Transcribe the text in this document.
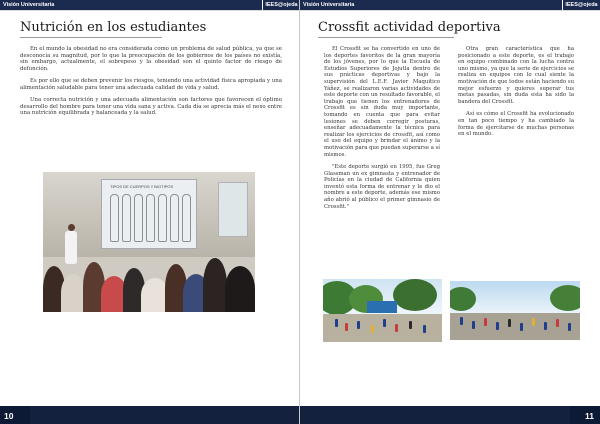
Visión Universitaria	IEES@ojeda
Nutrición en los estudiantes

En el mundo la obesidad no era considerada como un problema de salud pública, ya que se desconocía su magnitud, por lo que la preocupación de los gobiernos de los países no existía, sin embargo, actualmente, el sobrepeso y la obesidad son el quinto factor de riesgo de defunción.

Es por ello que se deben prevenir los riesgos, teniendo una actividad física apropiada y una alimentación saludable para tener una adecuada calidad de vida y salud.

Una correcta nutrición y una adecuada alimentación son factores que favorecen el óptimo desarrollo del hombre para tener una vida sana y activa. Cada día se aprecia más el nexo entre una nutrición equilibrada y balanceada y la salud.

TIPOS DE CUERPOS Y BIOTIPOS
10
Visión Universitaria	IEES@ojeda
Crossfit actividad deportiva

El Crossfit se ha convertido en uno de los deportes favoritos de la gran mayoría de los jóvenes, por lo que la Escuela de Estudios Superiores de Jojutla dentro de sus prácticas deportivas y bajo la supervisión del L.E.F. Javier Maquitico Yáñez, se realizaron varias actividades de este deporte con un resultado favorable, el trabajo que tienen los entrenadores de Crossfit es sin duda muy importante, tomando en cuenta que para evitar lesiones se deben corregir posturas, enseñar adecuadamente la técnica para realizar los ejercicios de crossfit, así como el uso del equipo y brindar el ánimo y la motivación para que puedan superarse a sí mismos.

"Este deporte surgió en 1995, fue Greg Glassman un ex gimnasta y entrenador de Policías en la ciudad de California quien inventó esta forma de entrenar y le dio el nombre a este deporte, además ese mismo año abrió al público el primer gimnasio de Crossfit."

Otra gran característica que ha posicionado a este deporte, es el trabajo en equipo combinado con la lucha contra uno mismo, ya que la serie de ejercicios se realiza en equipos con lo cual siente la motivación de que todos están haciendo su mejor esfuerzo y quieres superar tus metas pasadas, sin duda esta ha sido la bandera del Crossfit.

Así es cómo el Crossfit ha evolucionado en tan poco tiempo y ha cambiado la forma de ejercitarse de muchas personas en el mundo.

11
